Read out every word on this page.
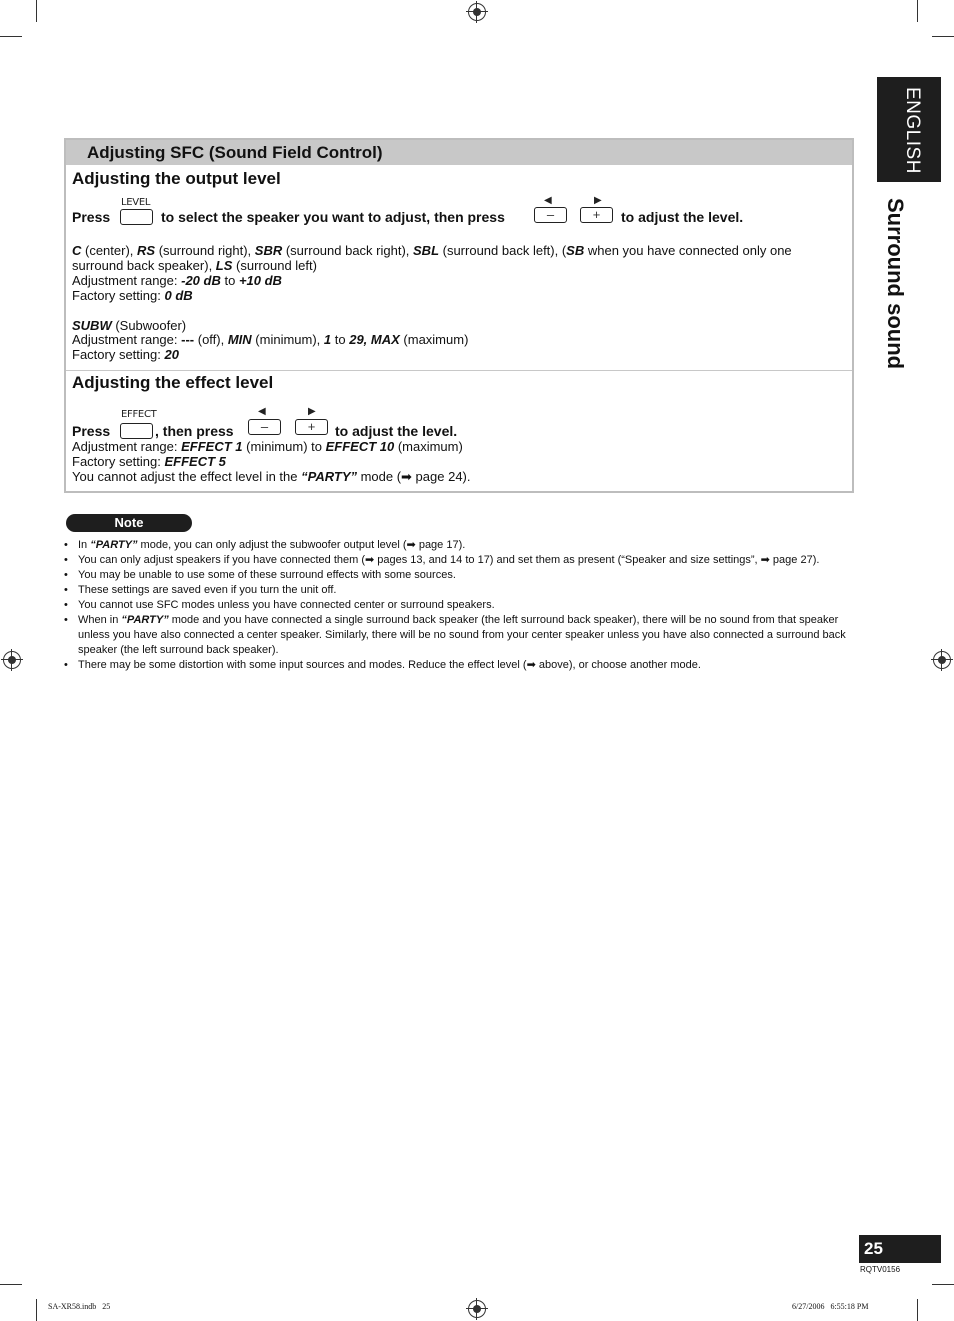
ENGLISH
Surround sound
Adjusting SFC (Sound Field Control)
Adjusting the output level
LEVEL
Press	to select the speaker you want to adjust, then press
◀
–
▶
+	to adjust the level.
C (center), RS (surround right), SBR (surround back right), SBL (surround back left), (SB when you have connected only one
surround back speaker), LS (surround left)
Adjustment range: -20 dB to +10 dB
Factory setting: 0 dB
SUBW (Subwoofer)
Adjustment range: --- (off), MIN (minimum), 1 to 29, MAX (maximum)
Factory setting: 20
Adjusting the effect level
EFFECT
Press	, then press
◀
–
▶
+	to adjust the level.
Adjustment range: EFFECT 1 (minimum) to EFFECT 10 (maximum)
Factory setting: EFFECT 5
You cannot adjust the effect level in the “PARTY” mode (➡ page 24).
Note
• In “PARTY” mode, you can only adjust the subwoofer output level (➡ page 17).
• You can only adjust speakers if you have connected them (➡ pages 13, and 14 to 17) and set them as present (“Speaker and size settings”, ➡ page 27).
• You may be unable to use some of these surround effects with some sources.
• These settings are saved even if you turn the unit off.
• You cannot use SFC modes unless you have connected center or surround speakers.
• When in “PARTY” mode and you have connected a single surround back speaker (the left surround back speaker), there will be no sound from that speaker unless you have also connected a center speaker. Similarly, there will be no sound from your center speaker unless you have also connected a surround back speaker (the left surround back speaker).
• There may be some distortion with some input sources and modes. Reduce the effect level (➡ above), or choose another mode.
25
RQTV0156
SA-XR58.indb   25	6/27/2006   6:55:18 PM
